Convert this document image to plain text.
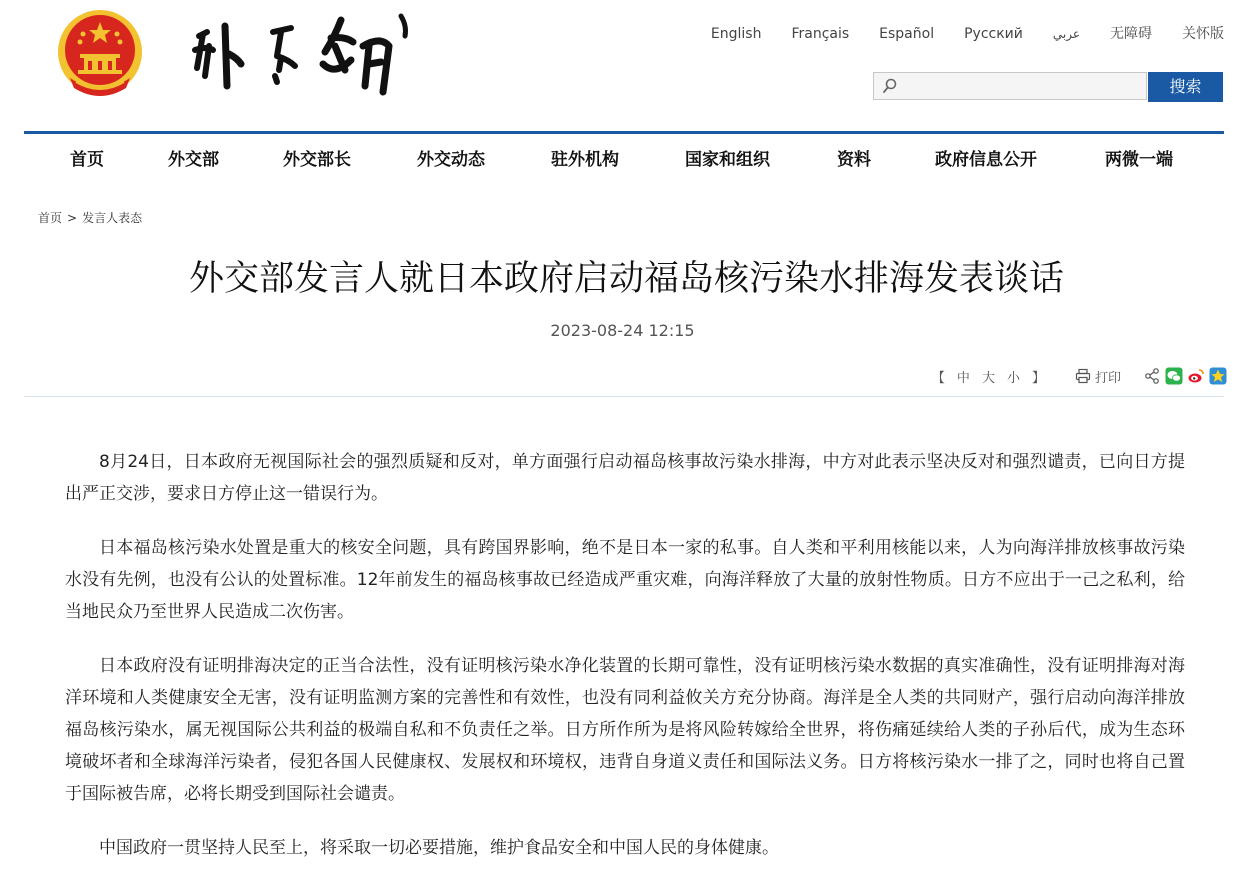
English Français Español Русский	عربي 无障碍 关怀版
搜索
首页	外交部	外交部长	外交动态	驻外机构	国家和组织	资料	政府信息公开	两微一端
首页 > 发言人表态
外交部发言人就日本政府启动福岛核污染水排海发表谈话
2023-08-24 12:15
【 中 大 小 】	打印

8月24日，日本政府无视国际社会的强烈质疑和反对，单方面强行启动福岛核事故污染水排海，中方对此表示坚决反对和强烈谴责，已向日方提出严正交涉，要求日方停止这一错误行为。

日本福岛核污染水处置是重大的核安全问题，具有跨国界影响，绝不是日本一家的私事。自人类和平利用核能以来，人为向海洋排放核事故污染水没有先例，也没有公认的处置标准。12年前发生的福岛核事故已经造成严重灾难，向海洋释放了大量的放射性物质。日方不应出于一己之私利，给当地民众乃至世界人民造成二次伤害。

日本政府没有证明排海决定的正当合法性，没有证明核污染水净化装置的长期可靠性，没有证明核污染水数据的真实准确性，没有证明排海对海洋环境和人类健康安全无害，没有证明监测方案的完善性和有效性，也没有同利益攸关方充分协商。海洋是全人类的共同财产，强行启动向海洋排放福岛核污染水，属无视国际公共利益的极端自私和不负责任之举。日方所作所为是将风险转嫁给全世界，将伤痛延续给人类的子孙后代，成为生态环境破坏者和全球海洋污染者，侵犯各国人民健康权、发展权和环境权，违背自身道义责任和国际法义务。日方将核污染水一排了之，同时也将自己置于国际被告席，必将长期受到国际社会谴责。

中国政府一贯坚持人民至上，将采取一切必要措施，维护食品安全和中国人民的身体健康。
